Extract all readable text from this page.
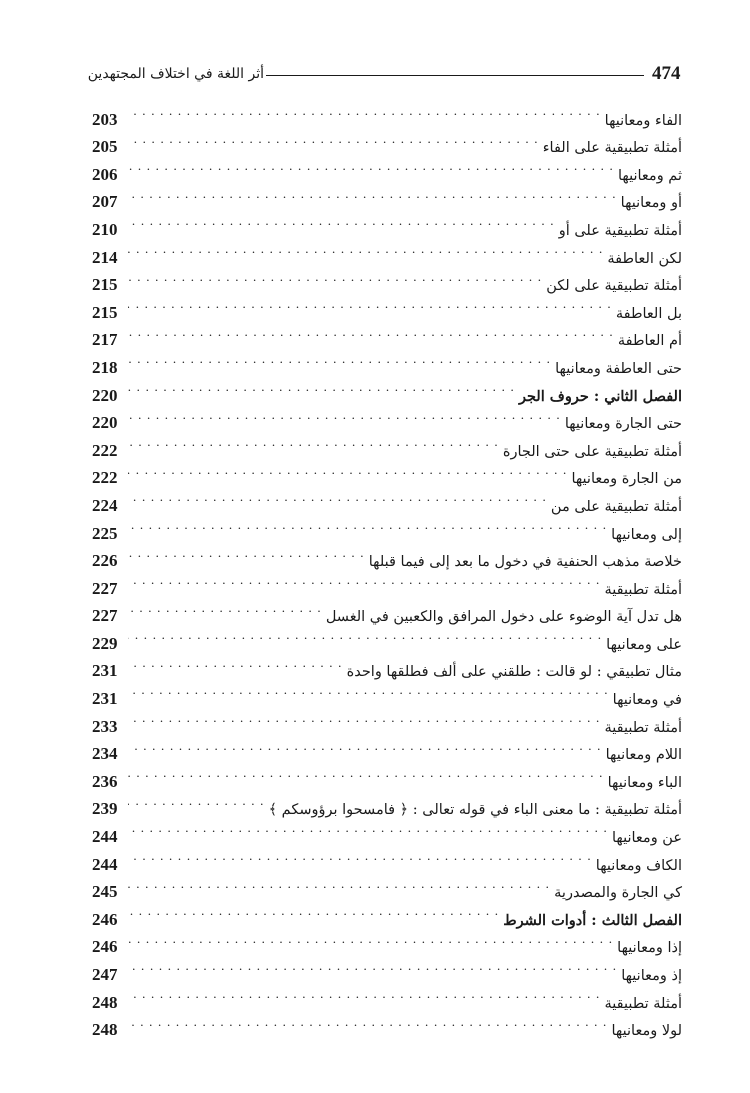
474
أثر اللغة في اختلاف المجتهدين
الفاء ومعانيها
. . .
203
أمثلة تطبيقية على الفاء
. . .
205
ثم ومعانيها
. . .
206
أو ومعانيها
. . .
207
أمثلة تطبيقية على أو
. . .
210
لكن العاطفة
. . .
214
أمثلة تطبيقية على لكن
. . .
215
بل العاطفة
. . .
215
أم العاطفة
. . .
217
حتى العاطفة ومعانيها
. . .
218
الفصل الثاني : حروف الجر
. . .
220
حتى الجارة ومعانيها
. . .
220
أمثلة تطبيقية على حتى الجارة
. . .
222
من الجارة ومعانيها
. . .
222
أمثلة تطبيقية على من
. . .
224
إلى ومعانيها
. . .
225
خلاصة مذهب الحنفية في دخول ما بعد إلى فيما قبلها
. . .
226
أمثلة تطبيقية
. . .
227
هل تدل آية الوضوء على دخول المرافق والكعبين في الغسل
. . .
227
على ومعانيها
. . .
229
مثال تطبيقي : لو قالت : طلقني على ألف فطلقها واحدة
. . .
231
في ومعانيها
. . .
231
أمثلة تطبيقية
. . .
233
اللام ومعانيها
. . .
234
الباء ومعانيها
. . .
236
أمثلة تطبيقية : ما معنى الباء في قوله تعالى : ﴿ فامسحوا برؤوسكم ﴾
. . .
239
عن ومعانيها
. . .
244
الكاف ومعانيها
. . .
244
كي الجارة والمصدرية
. . .
245
الفصل الثالث : أدوات الشرط
. . .
246
إذا ومعانيها
. . .
246
إذ ومعانيها
. . .
247
أمثلة تطبيقية
. . .
248
لولا ومعانيها
. . .
248
